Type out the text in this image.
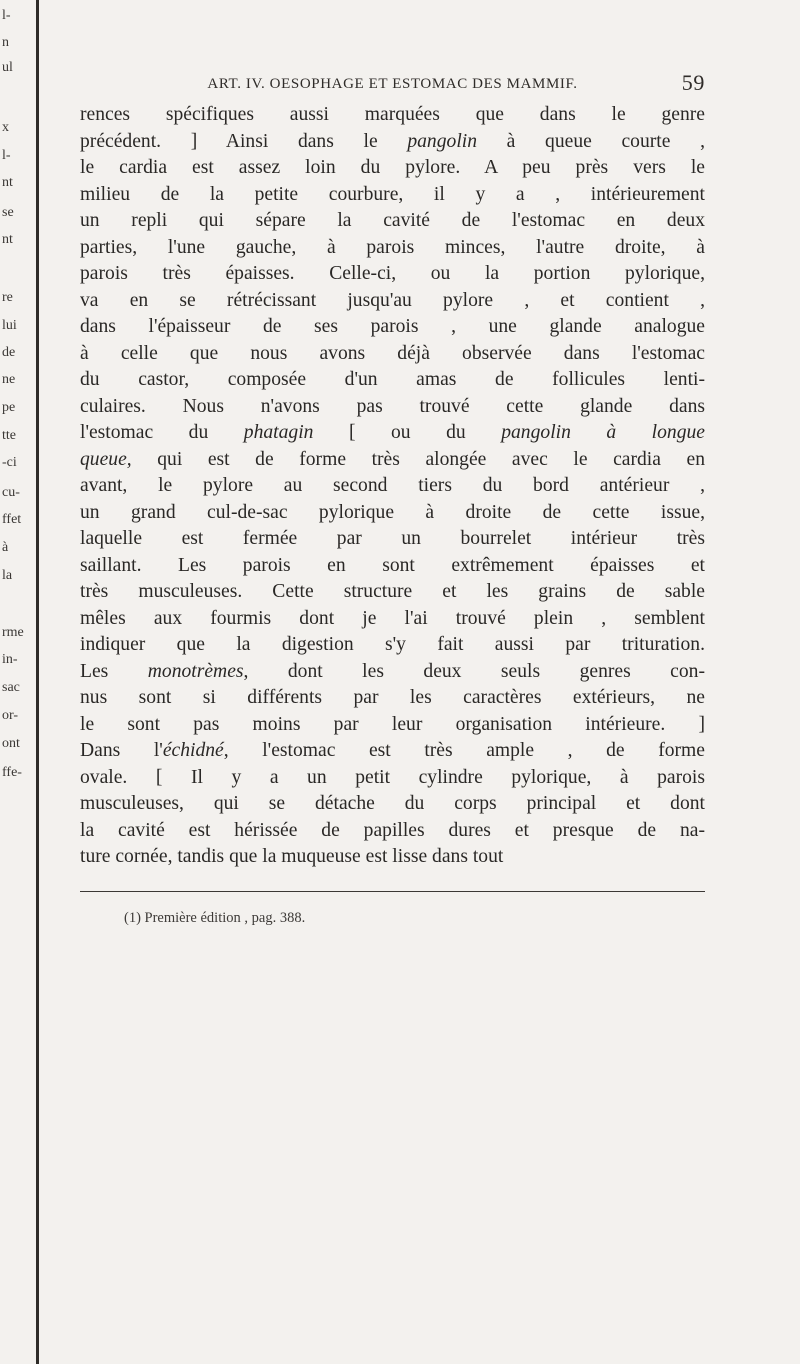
l-
n
ul
x
l-
nt
se
nt
re
lui
de
ne
pe
tte
-ci
cu-
ffet
à
la
rme
in-
sac
or-
ont
ffe-
ART. IV. OESOPHAGE ET ESTOMAC DES MAMMIF.	59
rences spécifiques aussi marquées que dans le genre
précédent. ] Ainsi dans le pangolin à queue courte ,
le cardia est assez loin du pylore. A peu près vers le
milieu de la petite courbure, il y a , intérieurement
un repli qui sépare la cavité de l'estomac en deux
parties, l'une gauche, à parois minces, l'autre droite, à
parois très épaisses. Celle-ci, ou la portion pylorique,
va en se rétrécissant jusqu'au pylore , et contient ,
dans l'épaisseur de ses parois , une glande analogue
à celle que nous avons déjà observée dans l'estomac
du castor, composée d'un amas de follicules lenti-
culaires. Nous n'avons pas trouvé cette glande dans
l'estomac du phatagin [ ou du pangolin à longue
queue, qui est de forme très alongée avec le cardia en
avant, le pylore au second tiers du bord antérieur ,
un grand cul-de-sac pylorique à droite de cette issue,
laquelle est fermée par un bourrelet intérieur très
saillant. Les parois en sont extrêmement épaisses et
très musculeuses. Cette structure et les grains de sable
mêles aux fourmis dont je l'ai trouvé plein , semblent
indiquer que la digestion s'y fait aussi par trituration.
Les monotrèmes, dont les deux seuls genres con-
nus sont si différents par les caractères extérieurs, ne
le sont pas moins par leur organisation intérieure. ]
Dans l'échidné, l'estomac est très ample , de forme
ovale. [ Il y a un petit cylindre pylorique, à parois
musculeuses, qui se détache du corps principal et dont
la cavité est hérissée de papilles dures et presque de na-
ture cornée, tandis que la muqueuse est lisse dans tout
(1) Première édition , pag. 388.
